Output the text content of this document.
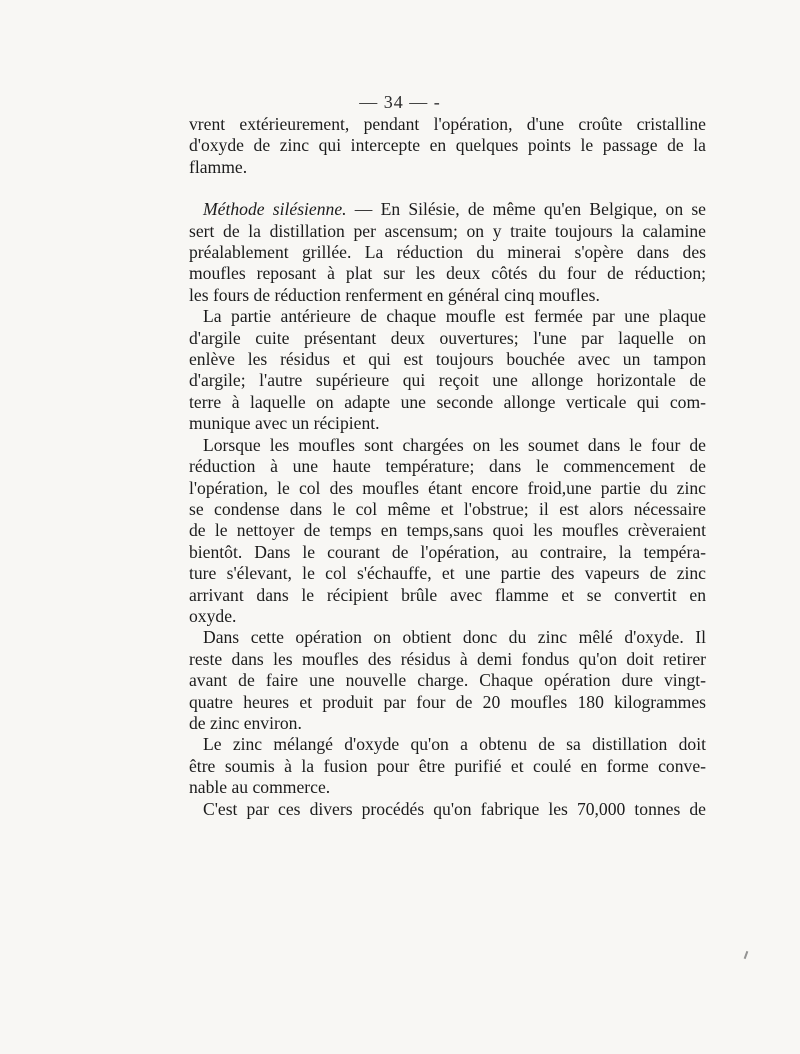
— 34 — -
vrent extérieurement, pendant l'opération, d'une croûte cristalline
d'oxyde de zinc qui intercepte en quelques points le passage de la
flamme.
Méthode silésienne. — En Silésie, de même qu'en Belgique, on se
sert de la distillation per ascensum; on y traite toujours la calamine
préalablement grillée. La réduction du minerai s'opère dans des
moufles reposant à plat sur les deux côtés du four de réduction;
les fours de réduction renferment en général cinq moufles.
La partie antérieure de chaque moufle est fermée par une plaque
d'argile cuite présentant deux ouvertures; l'une par laquelle on
enlève les résidus et qui est toujours bouchée avec un tampon
d'argile; l'autre supérieure qui reçoit une allonge horizontale de
terre à laquelle on adapte une seconde allonge verticale qui com-
munique avec un récipient.
Lorsque les moufles sont chargées on les soumet dans le four de
réduction à une haute température; dans le commencement de
l'opération, le col des moufles étant encore froid,une partie du zinc
se condense dans le col même et l'obstrue; il est alors nécessaire
de le nettoyer de temps en temps,sans quoi les moufles crèveraient
bientôt. Dans le courant de l'opération, au contraire, la tempéra-
ture s'élevant, le col s'échauffe, et une partie des vapeurs de zinc
arrivant dans le récipient brûle avec flamme et se convertit en
oxyde.
Dans cette opération on obtient donc du zinc mêlé d'oxyde. Il
reste dans les moufles des résidus à demi fondus qu'on doit retirer
avant de faire une nouvelle charge. Chaque opération dure vingt-
quatre heures et produit par four de 20 moufles 180 kilogrammes
de zinc environ.
Le zinc mélangé d'oxyde qu'on a obtenu de sa distillation doit
être soumis à la fusion pour être purifié et coulé en forme conve-
nable au commerce.
C'est par ces divers procédés qu'on fabrique les 70,000 tonnes de
